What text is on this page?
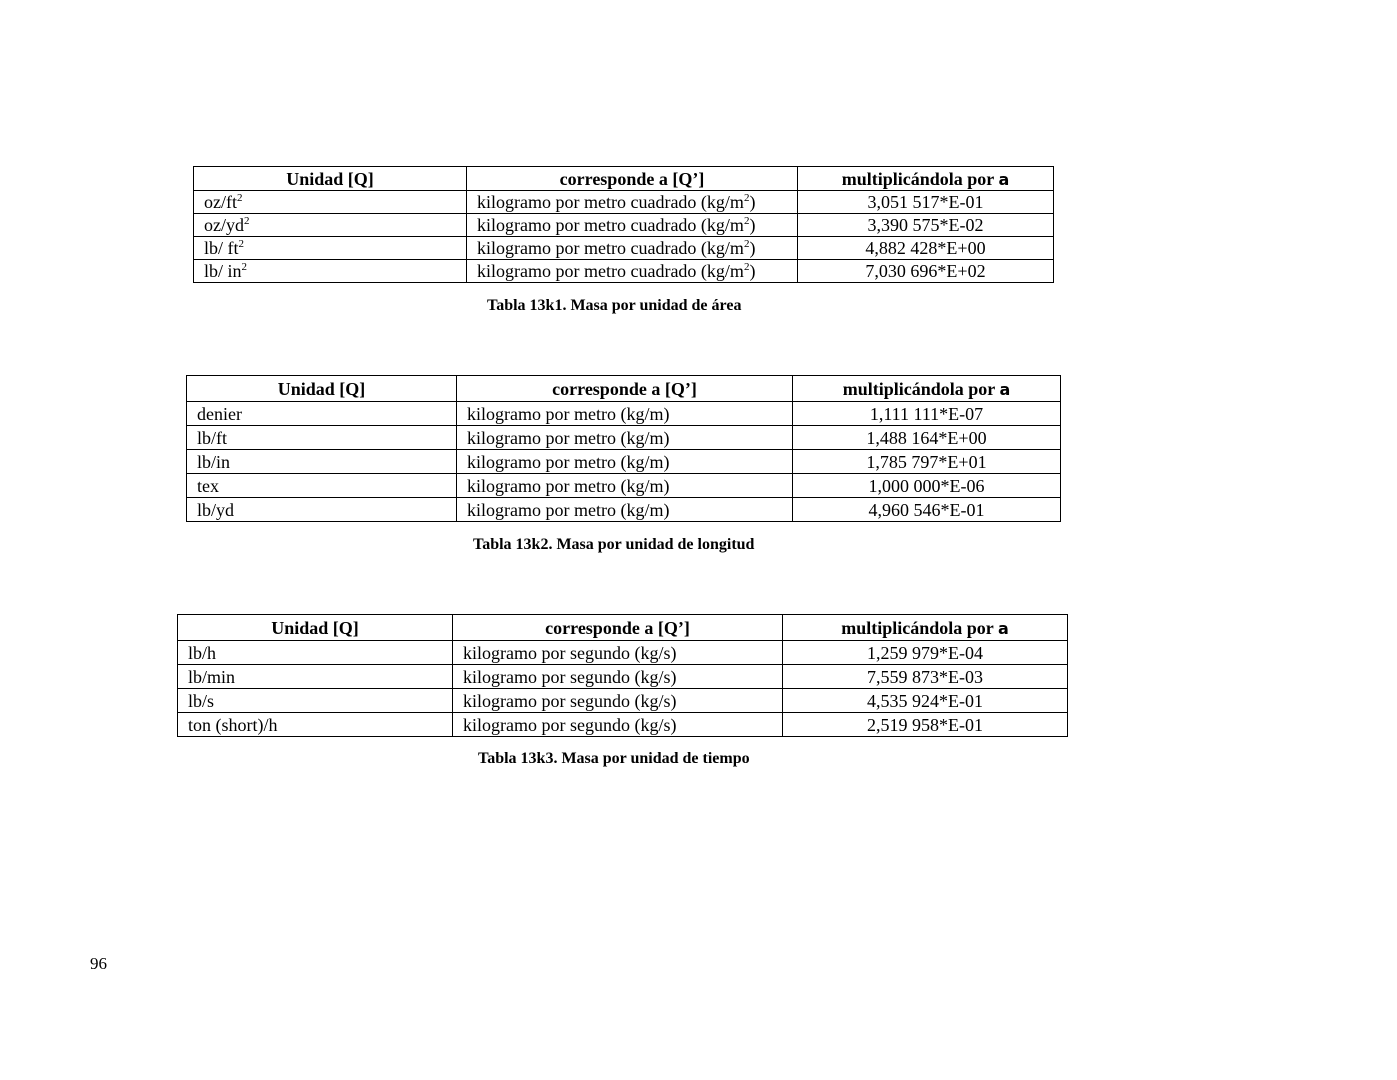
Unidad [Q]	corresponde a [Q’]	multiplicándola por a
$oz/ft^2$	kilogramo por metro cuadrado $(kg/m^2)$	3,051 517*E-01
$oz/yd^2$	kilogramo por metro cuadrado $(kg/m^2)$	3,390 575*E-02
lb/ $ft^2$	kilogramo por metro cuadrado $(kg/m^2)$	4,882 428*E+00
lb/ $in^2$	kilogramo por metro cuadrado $(kg/m^2)$	7,030 696*E+02
Tabla 13k1. Masa por unidad de área
Unidad [Q]	corresponde a [Q’]	multiplicándola por a
denier	kilogramo por metro (kg/m)	1,111 111*E-07
lb/ft	kilogramo por metro (kg/m)	1,488 164*E+00
lb/in	kilogramo por metro (kg/m)	1,785 797*E+01
tex	kilogramo por metro (kg/m)	1,000 000*E-06
lb/yd	kilogramo por metro (kg/m)	4,960 546*E-01
Tabla 13k2. Masa por unidad de longitud
Unidad [Q]	corresponde a [Q’]	multiplicándola por a
lb/h	kilogramo por segundo (kg/s)	1,259 979*E-04
lb/min	kilogramo por segundo (kg/s)	7,559 873*E-03
lb/s	kilogramo por segundo (kg/s)	4,535 924*E-01
ton (short)/h	kilogramo por segundo (kg/s)	2,519 958*E-01
Tabla 13k3. Masa por unidad de tiempo
96
